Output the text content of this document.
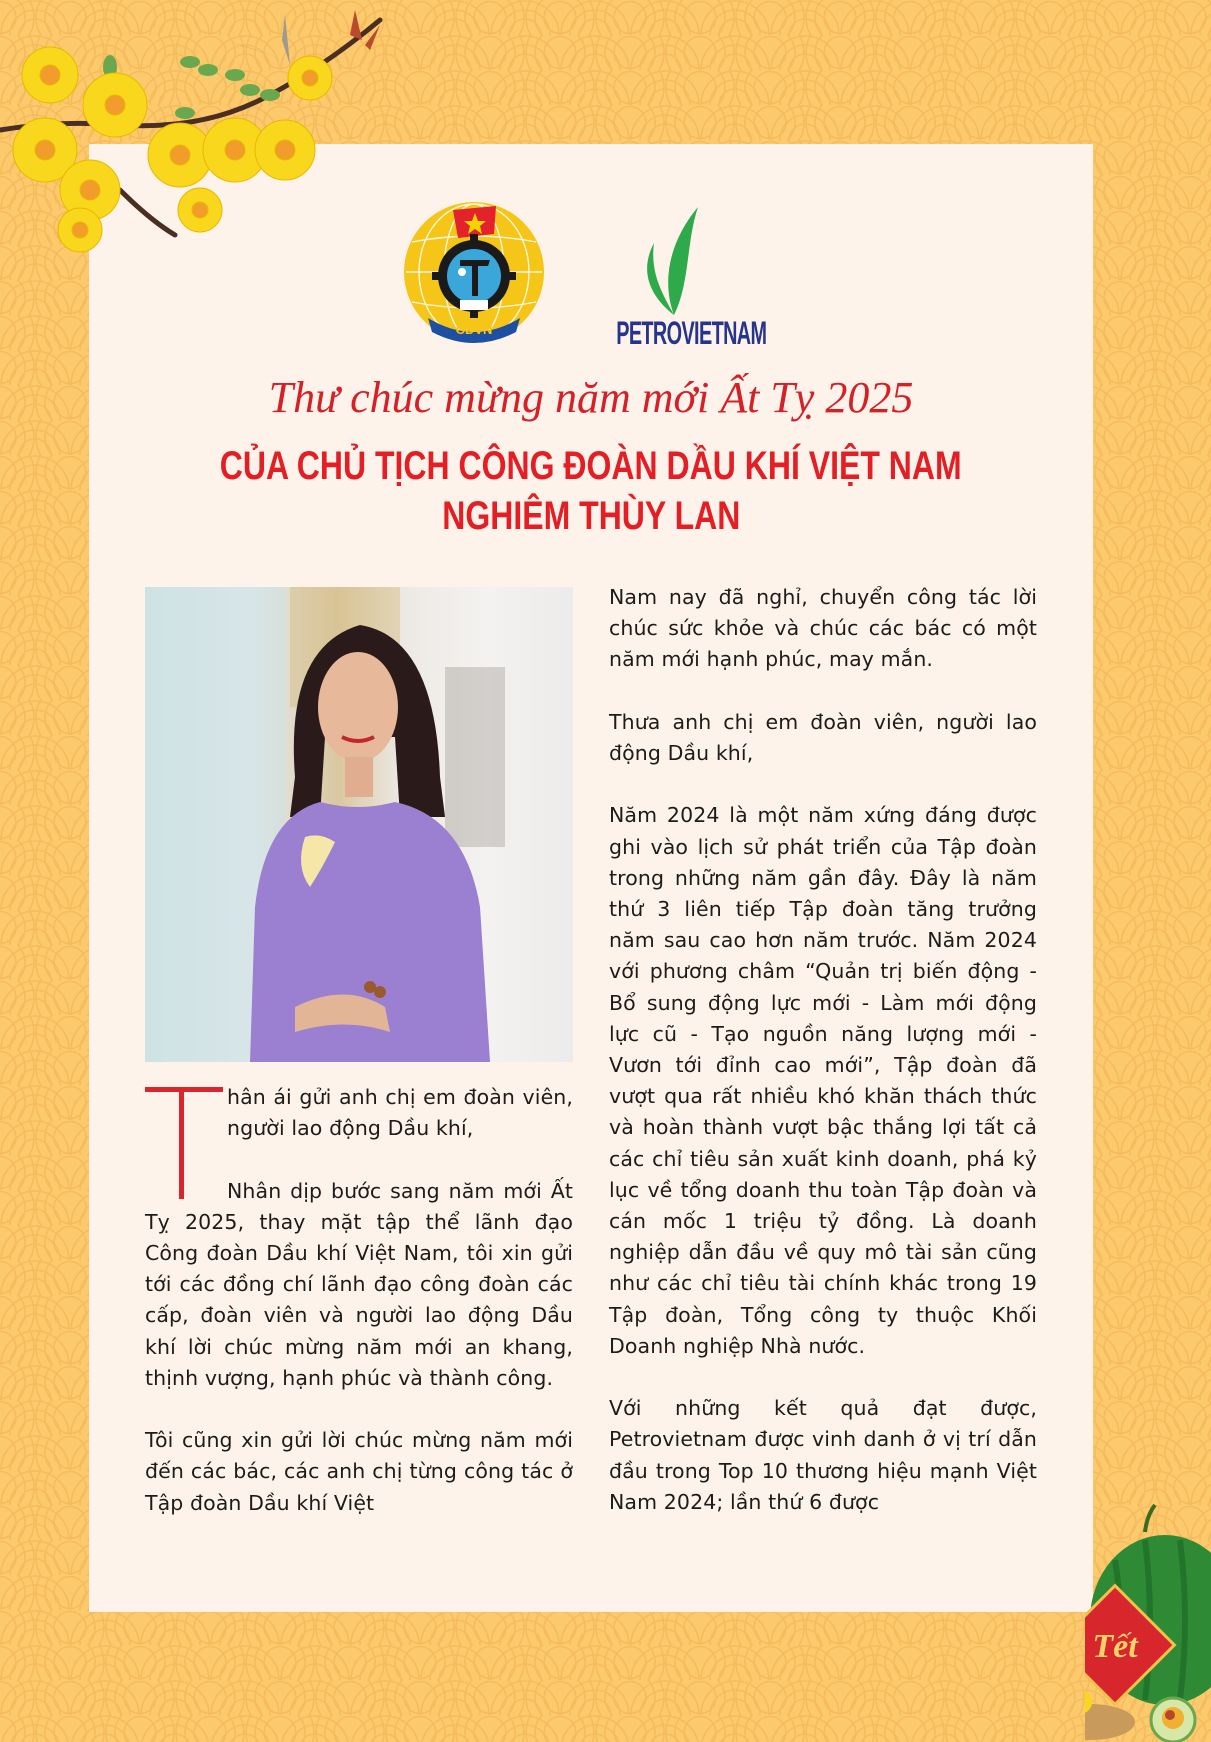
CĐVN	PETROVIETNAM
Thư chúc mừng năm mới Ất Tỵ 2025
CỦA CHỦ TỊCH CÔNG ĐOÀN DẦU KHÍ VIỆT NAM
NGHIÊM THÙY LAN

hân ái gửi anh chị em đoàn viên, người lao động Dầu khí,

Nhân dịp bước sang năm mới Ất Tỵ 2025, thay mặt tập thể lãnh đạo Công đoàn Dầu khí Việt Nam, tôi xin gửi tới các đồng chí lãnh đạo công đoàn các cấp, đoàn viên và người lao động Dầu khí lời chúc mừng năm mới an khang, thịnh vượng, hạnh phúc và thành công.

Tôi cũng xin gửi lời chúc mừng năm mới đến các bác, các anh chị từng công tác ở Tập đoàn Dầu khí Việt

Nam nay đã nghỉ, chuyển công tác lời chúc sức khỏe và chúc các bác có một năm mới hạnh phúc, may mắn.

Thưa anh chị em đoàn viên, người lao động Dầu khí,

Năm 2024 là một năm xứng đáng được ghi vào lịch sử phát triển của Tập đoàn trong những năm gần đây. Đây là năm thứ 3 liên tiếp Tập đoàn tăng trưởng năm sau cao hơn năm trước. Năm 2024 với phương châm “Quản trị biến động - Bổ sung động lực mới - Làm mới động lực cũ - Tạo nguồn năng lượng mới - Vươn tới đỉnh cao mới”, Tập đoàn đã vượt qua rất nhiều khó khăn thách thức và hoàn thành vượt bậc thắng lợi tất cả các chỉ tiêu sản xuất kinh doanh, phá kỷ lục về tổng doanh thu toàn Tập đoàn và cán mốc 1 triệu tỷ đồng. Là doanh nghiệp dẫn đầu về quy mô tài sản cũng như các chỉ tiêu tài chính khác trong 19 Tập đoàn, Tổng công ty thuộc Khối Doanh nghiệp Nhà nước.

Với những kết quả đạt được, Petrovietnam được vinh danh ở vị trí dẫn đầu trong Top 10 thương hiệu mạnh Việt Nam 2024; lần thứ 6 được

Tết
